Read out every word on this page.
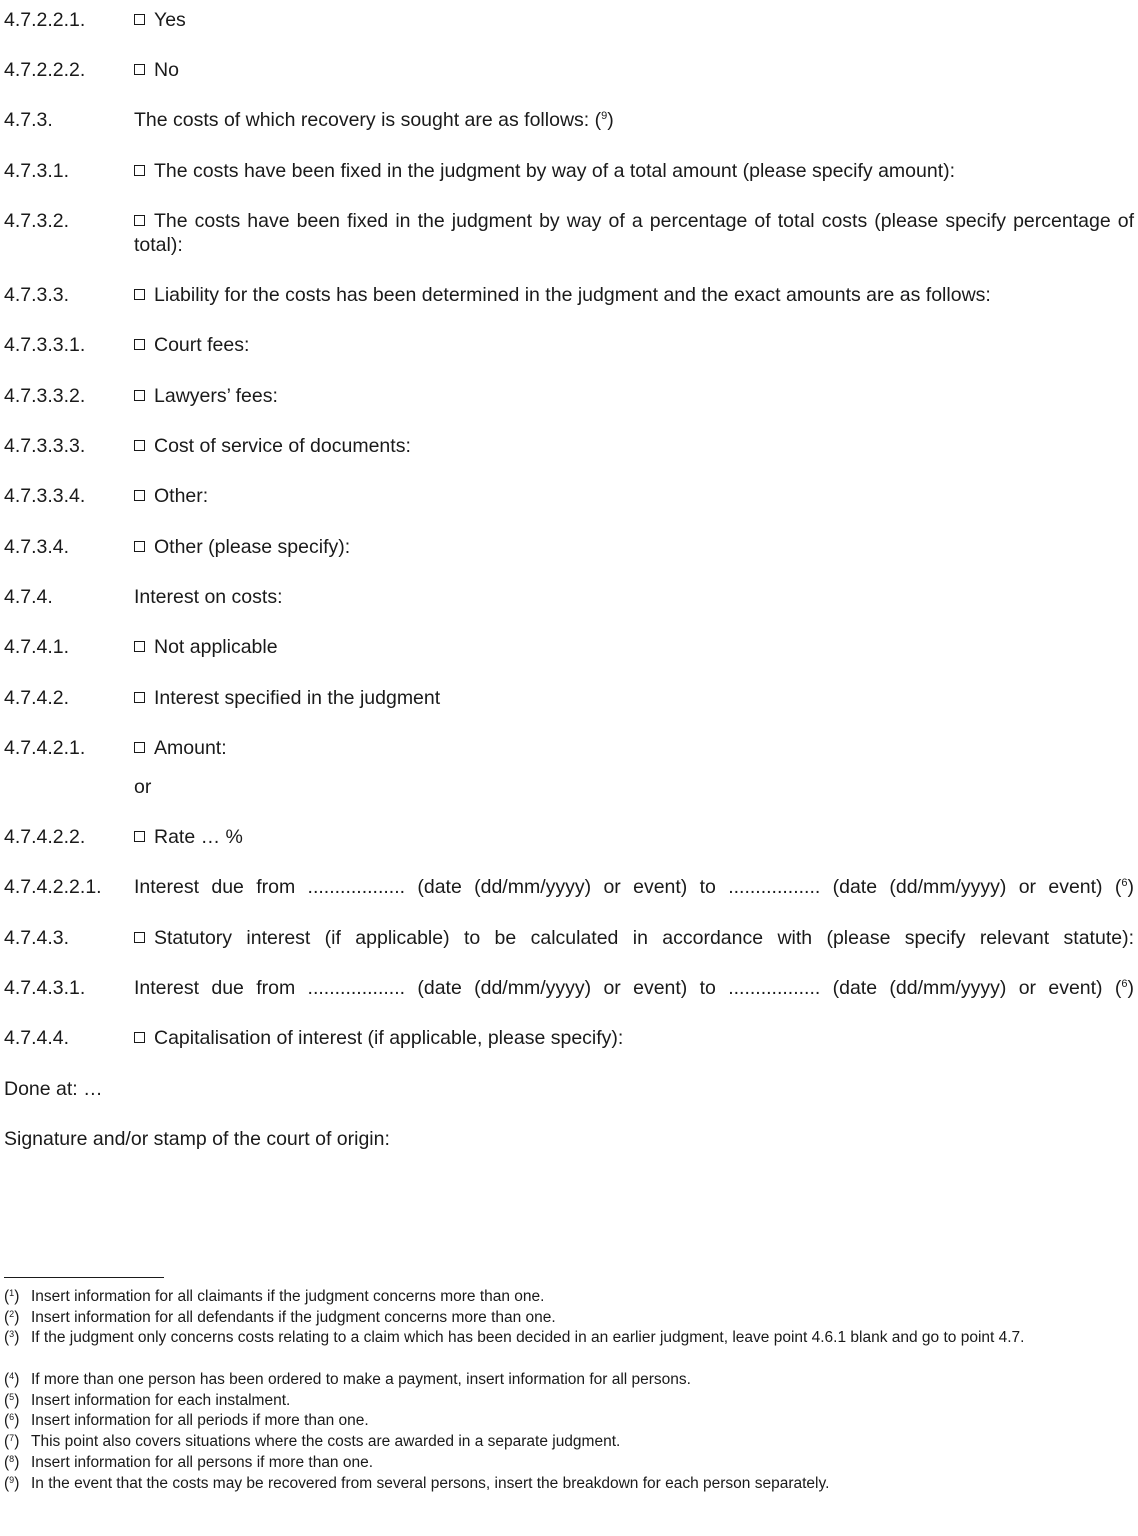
4.7.2.2.1.	Yes
4.7.2.2.2.	No
4.7.3.	The costs of which recovery is sought are as follows: ($^9$)
4.7.3.1.	The costs have been fixed in the judgment by way of a total amount (please specify amount):
4.7.3.2.	The costs have been fixed in the judgment by way of a percentage of total costs (please specify percentage of total):
4.7.3.3.	Liability for the costs has been determined in the judgment and the exact amounts are as follows:
4.7.3.3.1.	Court fees:
4.7.3.3.2.	Lawyers’ fees:
4.7.3.3.3.	Cost of service of documents:
4.7.3.3.4.	Other:
4.7.3.4.	Other (please specify):
4.7.4.	Interest on costs:
4.7.4.1.	Not applicable
4.7.4.2.	Interest specified in the judgment
4.7.4.2.1.	Amount:
or
4.7.4.2.2.	Rate … %
4.7.4.2.2.1. Interest due from .................. (date (dd/mm/yyyy) or event) to ................. (date (dd/mm/yyyy) or event) ($^6$)
4.7.4.3.	Statutory interest (if applicable) to be calculated in accordance with (please specify relevant statute):
4.7.4.3.1. Interest due from .................. (date (dd/mm/yyyy) or event) to ................. (date (dd/mm/yyyy) or event) ($^6$)
4.7.4.4.	Capitalisation of interest (if applicable, please specify):
Done at: …
Signature and/or stamp of the court of origin:
($^1$) Insert information for all claimants if the judgment concerns more than one.
($^2$) Insert information for all defendants if the judgment concerns more than one.
($^3$) If the judgment only concerns costs relating to a claim which has been decided in an earlier judgment, leave point 4.6.1 blank and go to point 4.7.
($^4$) If more than one person has been ordered to make a payment, insert information for all persons.
($^5$) Insert information for each instalment.
($^6$) Insert information for all periods if more than one.
($^7$) This point also covers situations where the costs are awarded in a separate judgment.
($^8$) Insert information for all persons if more than one.
($^9$) In the event that the costs may be recovered from several persons, insert the breakdown for each person separately.
